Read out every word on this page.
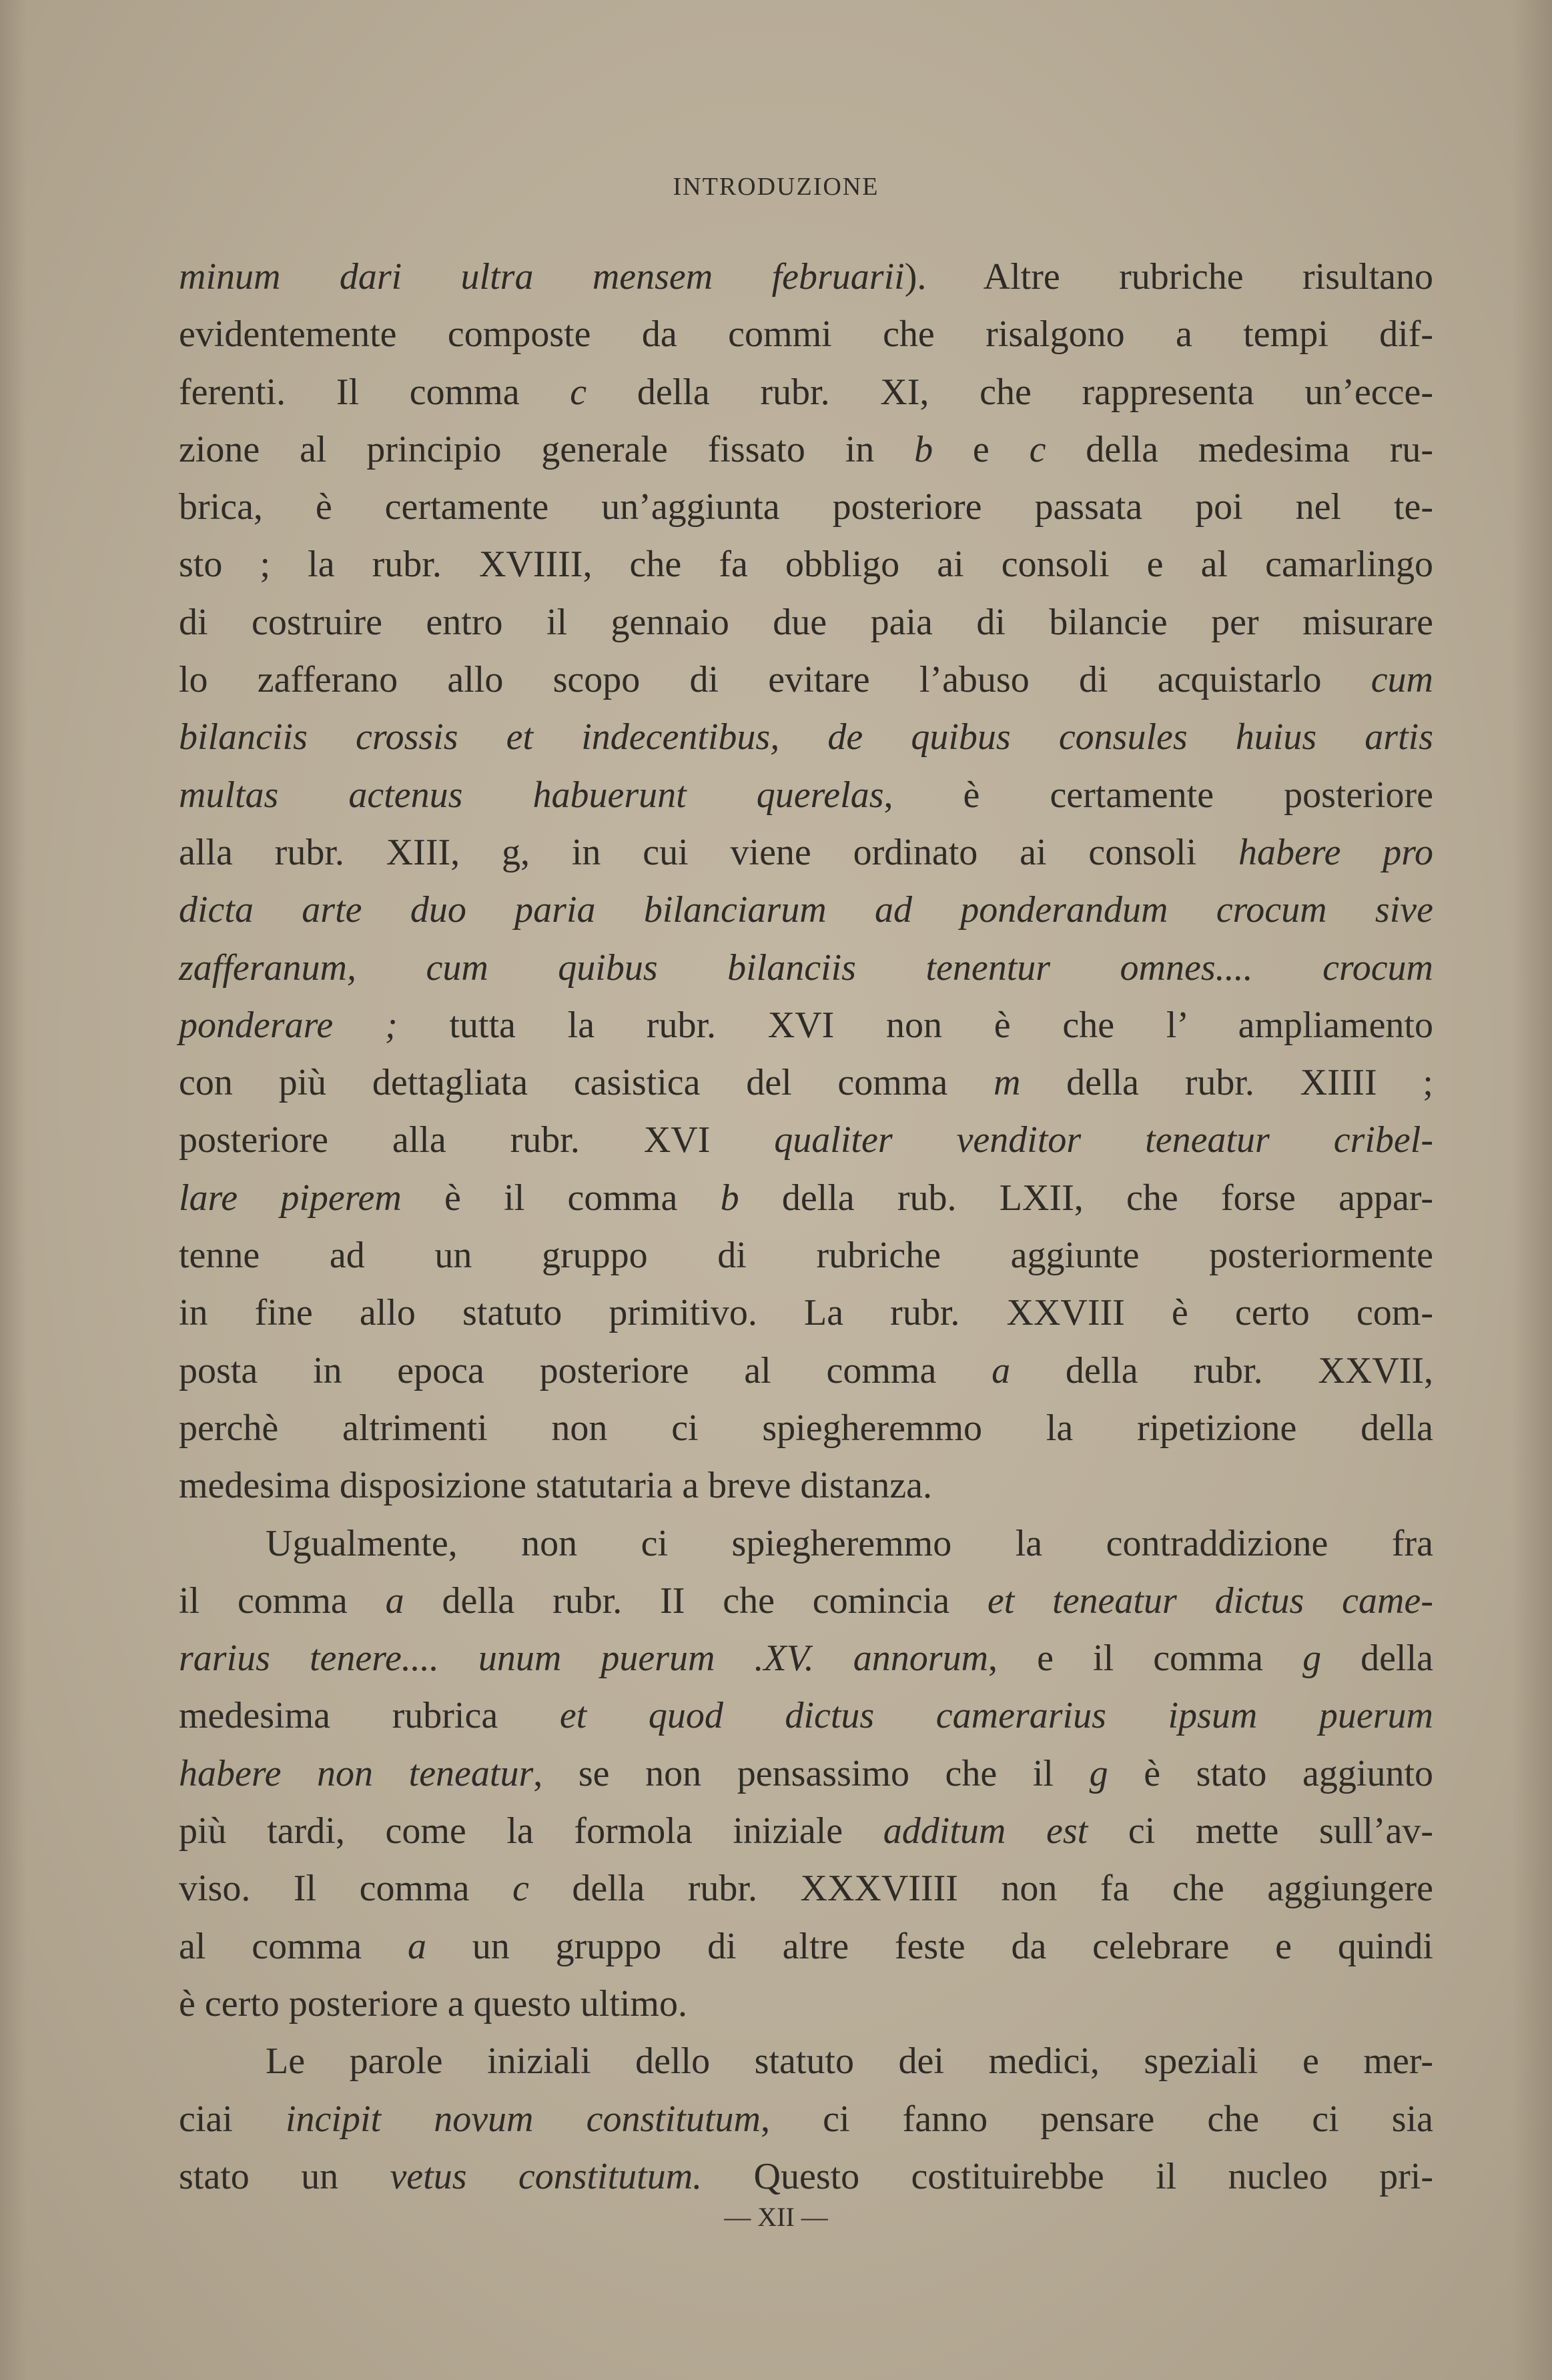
INTRODUZIONE
minum dari ultra mensem februarii). Altre rubriche risultano
evidentemente composte da commi che risalgono a tempi dif-
ferenti. Il comma c della rubr. XI, che rappresenta un’ecce-
zione al principio generale fissato in b e c della medesima ru-
brica, è certamente un’aggiunta posteriore passata poi nel te-
sto ; la rubr. XVIIII, che fa obbligo ai consoli e al camarlingo
di costruire entro il gennaio due paia di bilancie per misurare
lo zafferano allo scopo di evitare l’abuso di acquistarlo cum
bilanciis crossis et indecentibus, de quibus consules huius artis
multas actenus habuerunt querelas, è certamente posteriore
alla rubr. XIII, g, in cui viene ordinato ai consoli habere pro
dicta arte duo paria bilanciarum ad ponderandum crocum sive
zafferanum, cum quibus bilanciis tenentur omnes.... crocum
ponderare ; tutta la rubr. XVI non è che l’ ampliamento
con più dettagliata casistica del comma m della rubr. XIIII ;
posteriore alla rubr. XVI qualiter venditor teneatur cribel-
lare piperem è il comma b della rub. LXII, che forse appar-
tenne ad un gruppo di rubriche aggiunte posteriormente
in fine allo statuto primitivo. La rubr. XXVIII è certo com-
posta in epoca posteriore al comma a della rubr. XXVII,
perchè altrimenti non ci spiegheremmo la ripetizione della
medesima disposizione statutaria a breve distanza.
Ugualmente, non ci spiegheremmo la contraddizione fra
il comma a della rubr. II che comincia et teneatur dictus came-
rarius tenere.... unum puerum .XV. annorum, e il comma g della
medesima rubrica et quod dictus camerarius ipsum puerum
habere non teneatur, se non pensassimo che il g è stato aggiunto
più tardi, come la formola iniziale additum est ci mette sull’av-
viso. Il comma c della rubr. XXXVIIII non fa che aggiungere
al comma a un gruppo di altre feste da celebrare e quindi
è certo posteriore a questo ultimo.
Le parole iniziali dello statuto dei medici, speziali e mer-
ciai incipit novum constitutum, ci fanno pensare che ci sia
stato un vetus constitutum. Questo costituirebbe il nucleo pri-
— XII —
